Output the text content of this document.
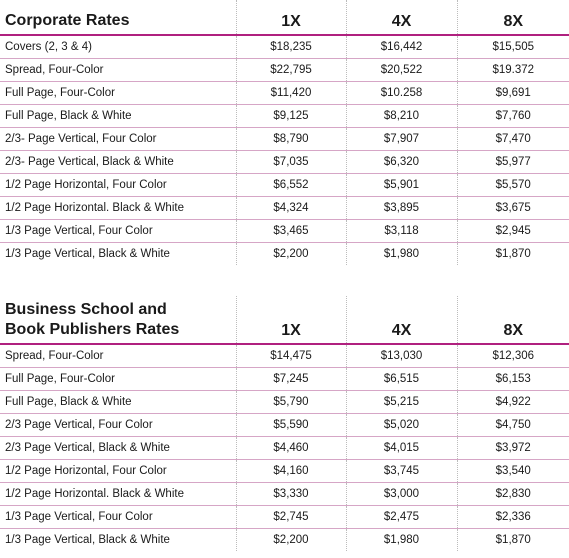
Corporate Rates	1X	4X	8X
Covers (2, 3 & 4)	$18,235	$16,442	$15,505
Spread, Four-Color	$22,795	$20,522	$19.372
Full Page, Four-Color	$11,420	$10.258	$9,691
Full Page, Black & White	$9,125	$8,210	$7,760
2/3- Page Vertical, Four Color	$8,790	$7,907	$7,470
2/3- Page Vertical, Black & White	$7,035	$6,320	$5,977
1/2 Page Horizontal, Four Color	$6,552	$5,901	$5,570
1/2 Page Horizontal. Black & White	$4,324	$3,895	$3,675
1/3 Page Vertical, Four Color	$3,465	$3,118	$2,945
1/3 Page Vertical, Black & White	$2,200	$1,980	$1,870
Business School and
Book Publishers Rates	1X	4X	8X
Spread, Four-Color	$14,475	$13,030	$12,306
Full Page, Four-Color	$7,245	$6,515	$6,153
Full Page, Black & White	$5,790	$5,215	$4,922
2/3 Page Vertical, Four Color	$5,590	$5,020	$4,750
2/3 Page Vertical, Black & White	$4,460	$4,015	$3,972
1/2 Page Horizontal, Four Color	$4,160	$3,745	$3,540
1/2 Page Horizontal. Black & White	$3,330	$3,000	$2,830
1/3 Page Vertical, Four Color	$2,745	$2,475	$2,336
1/3 Page Vertical, Black & White	$2,200	$1,980	$1,870
